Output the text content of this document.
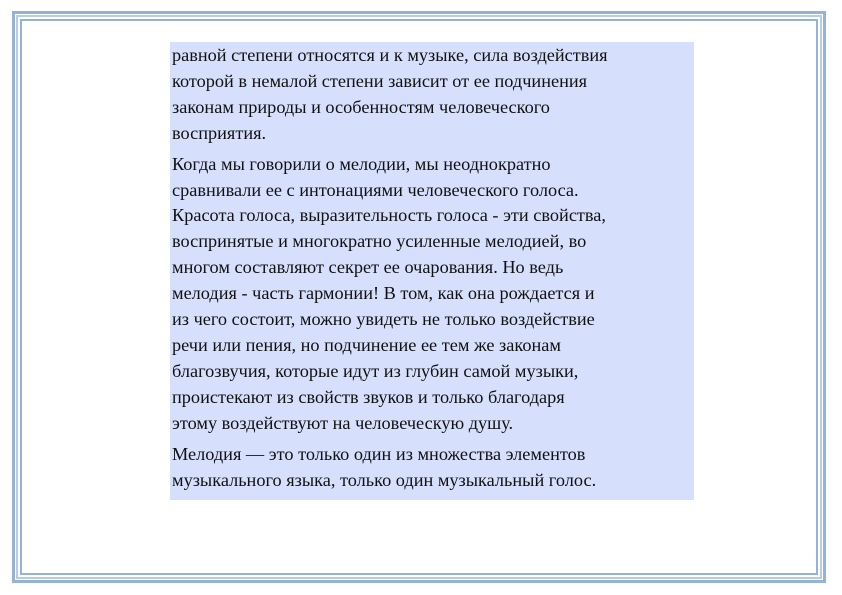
равной степени относятся и к музыке, сила воздействия
которой в немалой степени зависит от ее подчинения
законам природы и особенностям человеческого
восприятия.

Когда мы говорили о мелодии, мы неоднократно
сравнивали ее с интонациями человеческого голоса.
Красота голоса, выразительность голоса - эти свойства,
воспринятые и многократно усиленные мелодией, во
многом составляют секрет ее очарования. Но ведь
мелодия - часть гармонии! В том, как она рождается и
из чего состоит, можно увидеть не только воздействие
речи или пения, но подчинение ее тем же законам
благозвучия, которые идут из глубин самой музыки,
проистекают из свойств звуков и только благодаря
этому воздействуют на человеческую душу.

Мелодия — это только один из множества элементов
музыкального языка, только один музыкальный голос.
